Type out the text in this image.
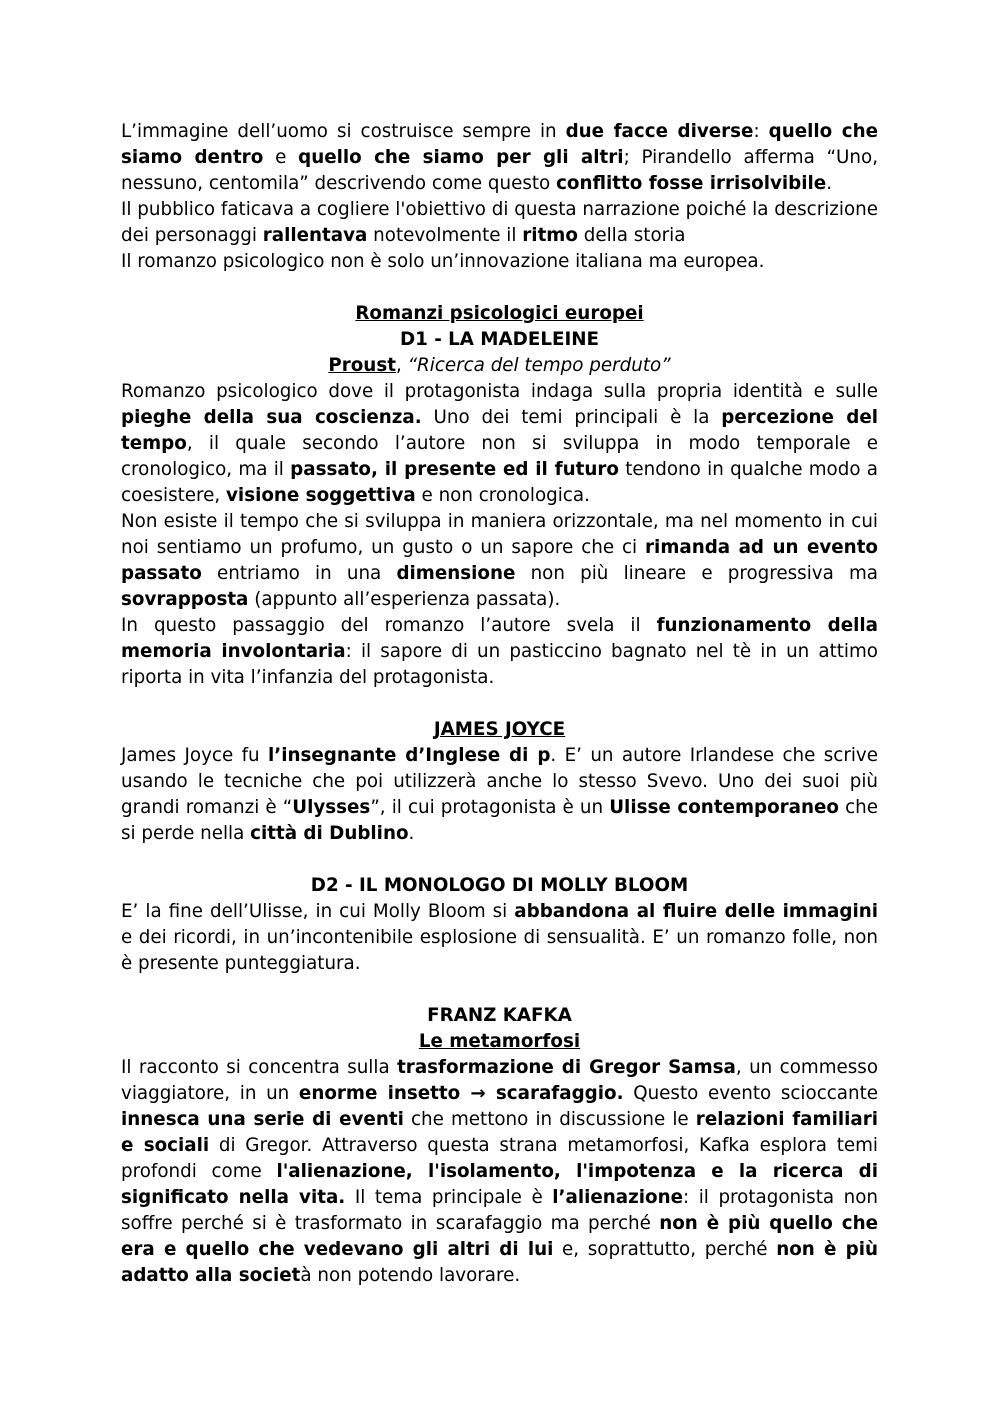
L’immagine dell’uomo si costruisce sempre in due facce diverse: quello che siamo dentro e quello che siamo per gli altri; Pirandello afferma “Uno, nessuno, centomila” descrivendo come questo conflitto fosse irrisolvibile.

Il pubblico faticava a cogliere l'obiettivo di questa narrazione poiché la descrizione dei personaggi rallentava notevolmente il ritmo della storia

Il romanzo psicologico non è solo un’innovazione italiana ma europea.

Romanzi psicologici europei
D1 - LA MADELEINE
Proust, “Ricerca del tempo perduto”

Romanzo psicologico dove il protagonista indaga sulla propria identità e sulle pieghe della sua coscienza. Uno dei temi principali è la percezione del tempo, il quale secondo l’autore non si sviluppa in modo temporale e cronologico, ma il passato, il presente ed il futuro tendono in qualche modo a coesistere, visione soggettiva e non cronologica.

Non esiste il tempo che si sviluppa in maniera orizzontale, ma nel momento in cui noi sentiamo un profumo, un gusto o un sapore che ci rimanda ad un evento passato entriamo in una dimensione non più lineare e progressiva ma sovrapposta (appunto all’esperienza passata).

In questo passaggio del romanzo l’autore svela il funzionamento della memoria involontaria: il sapore di un pasticcino bagnato nel tè in un attimo riporta in vita l’infanzia del protagonista.

JAMES JOYCE

James Joyce fu l’insegnante d’Inglese di p. E’ un autore Irlandese che scrive usando le tecniche che poi utilizzerà anche lo stesso Svevo. Uno dei suoi più grandi romanzi è “Ulysses”, il cui protagonista è un Ulisse contemporaneo che si perde nella città di Dublino.

D2 - IL MONOLOGO DI MOLLY BLOOM

E’ la fine dell’Ulisse, in cui Molly Bloom si abbandona al fluire delle immagini e dei ricordi, in un’incontenibile esplosione di sensualità. E’ un romanzo folle, non è presente punteggiatura.

FRANZ KAFKA
Le metamorfosi

Il racconto si concentra sulla trasformazione di Gregor Samsa, un commesso viaggiatore, in un enorme insetto → scarafaggio. Questo evento scioccante innesca una serie di eventi che mettono in discussione le relazioni familiari e sociali di Gregor. Attraverso questa strana metamorfosi, Kafka esplora temi profondi come l'alienazione, l'isolamento, l'impotenza e la ricerca di significato nella vita. Il tema principale è l’alienazione: il protagonista non soffre perché si è trasformato in scarafaggio ma perché non è più quello che era e quello che vedevano gli altri di lui e, soprattutto, perché non è più adatto alla società non potendo lavorare.
